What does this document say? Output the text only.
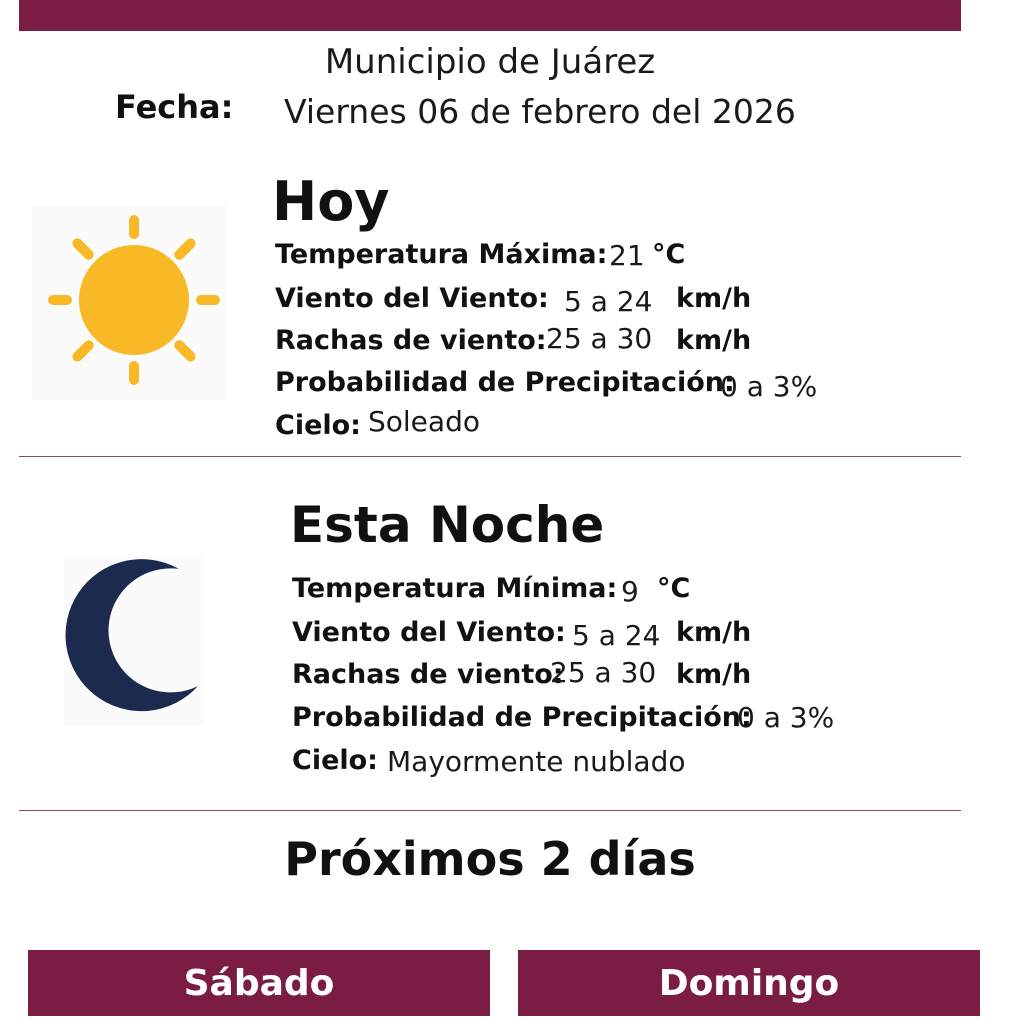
Municipio de Juárez
Fecha: Viernes 06 de febrero del 2026
Hoy
Temperatura Máxima: 21 °C
Viento del Viento: 5 a 24 km/h
Rachas de viento: 25 a 30 km/h
Probabilidad de Precipitación:
0 a 3%
Cielo: Soleado
Esta Noche
Temperatura Mínima: 9 °C
Viento del Viento: 5 a 24 km/h
Rachas de viento:
25 a 30 km/h
Probabilidad de Precipitación:
0 a 3%
Cielo: Mayormente nublado
Próximos 2 días
Sábado	Domingo
